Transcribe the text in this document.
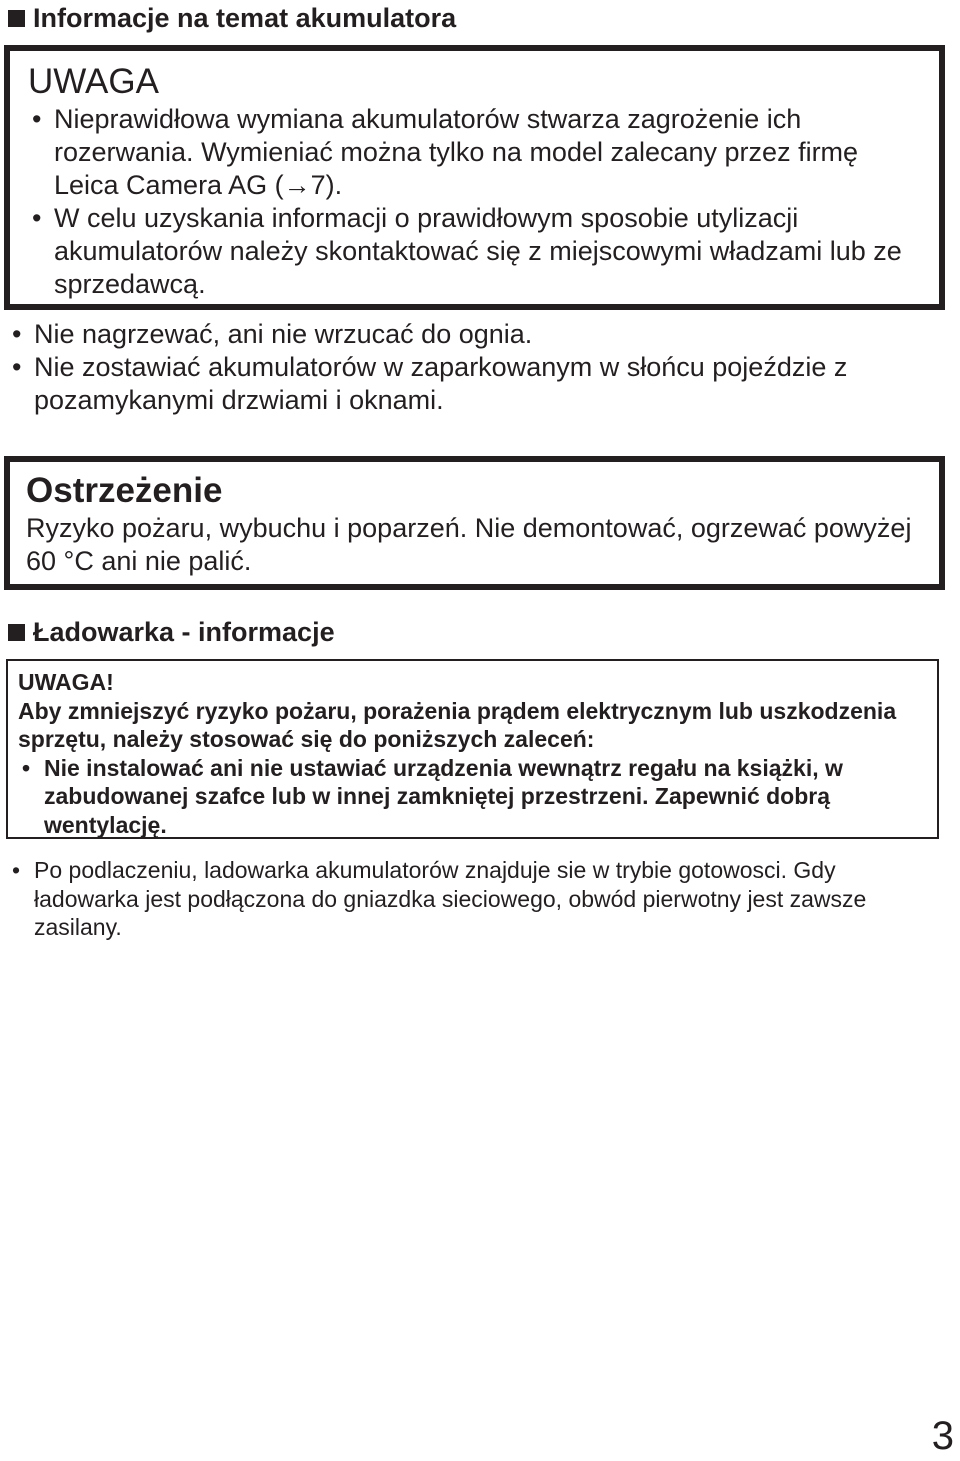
Informacje na temat akumulatora
UWAGA
• Nieprawidłowa wymiana akumulatorów stwarza zagrożenie ich rozerwania. Wymieniać można tylko na model zalecany przez firmę Leica Camera AG (→7).
• W celu uzyskania informacji o prawidłowym sposobie utylizacji akumulatorów należy skontaktować się z miejscowymi władzami lub ze sprzedawcą.
• Nie nagrzewać, ani nie wrzucać do ognia.
• Nie zostawiać akumulatorów w zaparkowanym w słońcu pojeździe z pozamykanymi drzwiami i oknami.
Ostrzeżenie
Ryzyko pożaru, wybuchu i poparzeń. Nie demontować, ogrzewać powyżej 60 °C ani nie palić.
Ładowarka - informacje
UWAGA!
Aby zmniejszyć ryzyko pożaru, porażenia prądem elektrycznym lub uszkodzenia sprzętu, należy stosować się do poniższych zaleceń:
• Nie instalować ani nie ustawiać urządzenia wewnątrz regału na książki, w zabudowanej szafce lub w innej zamkniętej przestrzeni. Zapewnić dobrą wentylację.
• Po podlaczeniu, ladowarka akumulatorów znajduje sie w trybie gotowosci. Gdy ładowarka jest podłączona do gniazdka sieciowego, obwód pierwotny jest zawsze zasilany.
3
